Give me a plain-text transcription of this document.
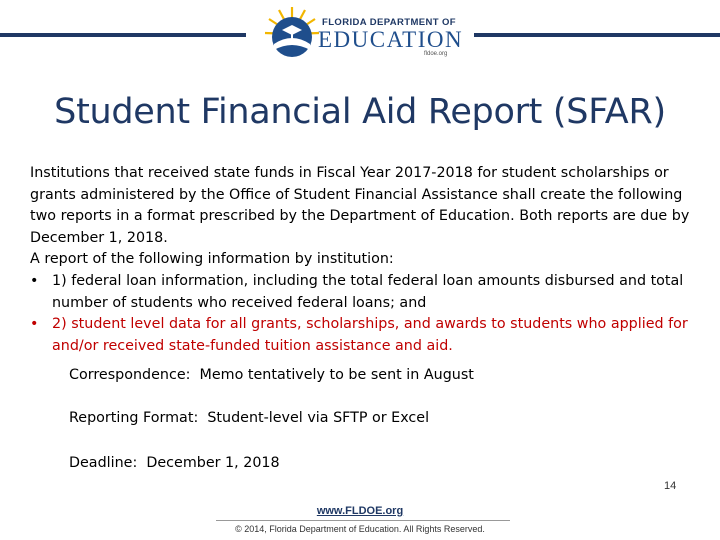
FLORIDA DEPARTMENT OF
EDUCATION
fldoe.org
Student Financial Aid Report (SFAR)

Institutions that received state funds in Fiscal Year 2017-2018 for student scholarships or grants administered by the Office of Student Financial Assistance shall create the following two reports in a format prescribed by the Department of Education. Both reports are due by December 1, 2018.

A report of the following information by institution:

• 1) federal loan information, including the total federal loan amounts disbursed and total number of students who received federal loans; and
• 2) student level data for all grants, scholarships, and awards to students who applied for and/or received state-funded tuition assistance and aid.
Correspondence:  Memo tentatively to be sent in August
Reporting Format:  Student-level via SFTP or Excel
Deadline:  December 1, 2018
www.FLDOE.org
© 2014, Florida Department of Education. All Rights Reserved.
14
